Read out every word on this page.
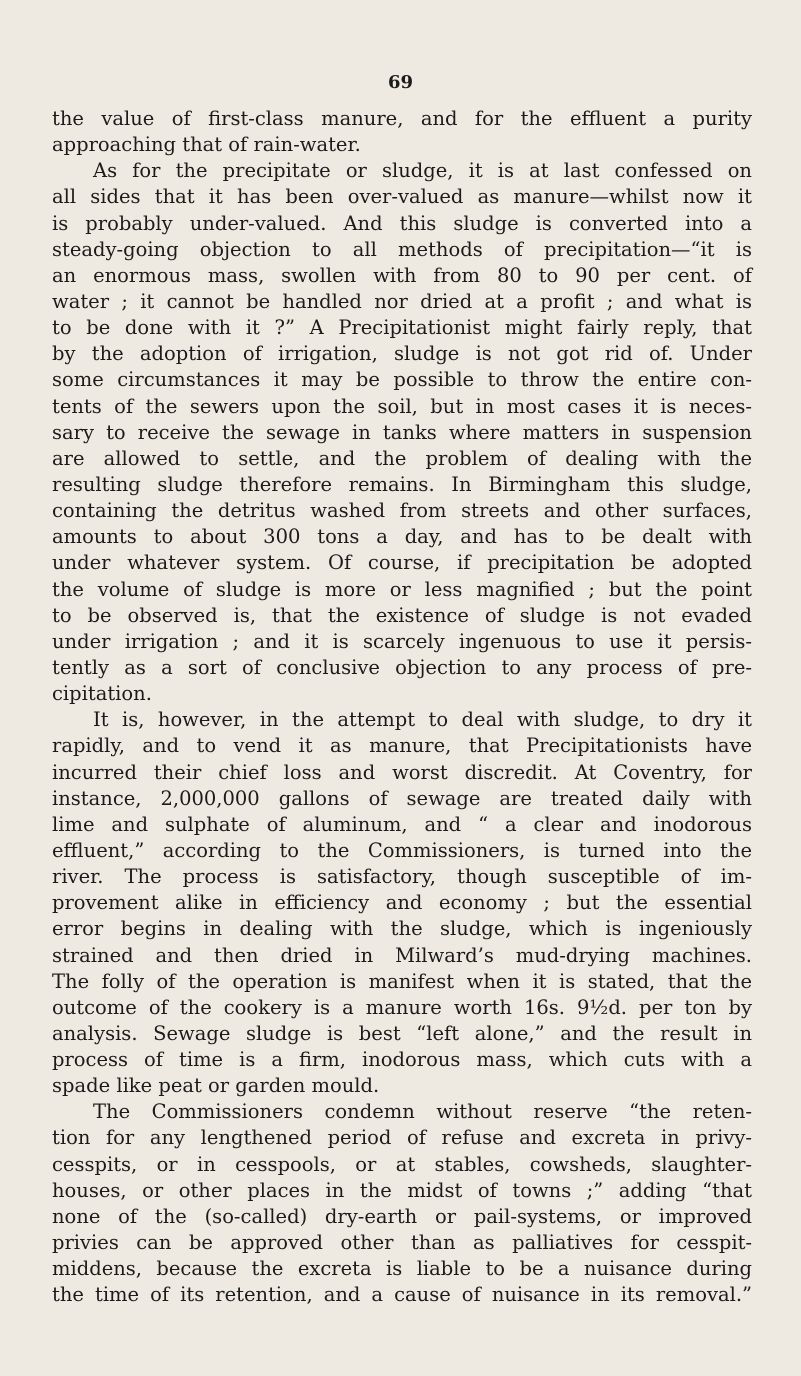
69
the value of first-class manure, and for the effluent a purity
approaching that of rain-water.
As for the precipitate or sludge, it is at last confessed on
all sides that it has been over-valued as manure—whilst now it
is probably under-valued. And this sludge is converted into a
steady-going objection to all methods of precipitation—“it is
an enormous mass, swollen with from 80 to 90 per cent. of
water ; it cannot be handled nor dried at a profit ; and what is
to be done with it ?” A Precipitationist might fairly reply, that
by the adoption of irrigation, sludge is not got rid of. Under
some circumstances it may be possible to throw the entire con-
tents of the sewers upon the soil, but in most cases it is neces-
sary to receive the sewage in tanks where matters in suspension
are allowed to settle, and the problem of dealing with the
resulting sludge therefore remains. In Birmingham this sludge,
containing the detritus washed from streets and other surfaces,
amounts to about 300 tons a day, and has to be dealt with
under whatever system. Of course, if precipitation be adopted
the volume of sludge is more or less magnified ; but the point
to be observed is, that the existence of sludge is not evaded
under irrigation ; and it is scarcely ingenuous to use it persis-
tently as a sort of conclusive objection to any process of pre-
cipitation.
It is, however, in the attempt to deal with sludge, to dry it
rapidly, and to vend it as manure, that Precipitationists have
incurred their chief loss and worst discredit. At Coventry, for
instance, 2,000,000 gallons of sewage are treated daily with
lime and sulphate of aluminum, and “ a clear and inodorous
effluent,” according to the Commissioners, is turned into the
river. The process is satisfactory, though susceptible of im-
provement alike in efficiency and economy ; but the essential
error begins in dealing with the sludge, which is ingeniously
strained and then dried in Milward’s mud-drying machines.
The folly of the operation is manifest when it is stated, that the
outcome of the cookery is a manure worth 16s. 9½d. per ton by
analysis. Sewage sludge is best “left alone,” and the result in
process of time is a firm, inodorous mass, which cuts with a
spade like peat or garden mould.
The Commissioners condemn without reserve “the reten-
tion for any lengthened period of refuse and excreta in privy-
cesspits, or in cesspools, or at stables, cowsheds, slaughter-
houses, or other places in the midst of towns ;” adding “that
none of the (so-called) dry-earth or pail-systems, or improved
privies can be approved other than as palliatives for cesspit-
middens, because the excreta is liable to be a nuisance during
the time of its retention, and a cause of nuisance in its removal.”
